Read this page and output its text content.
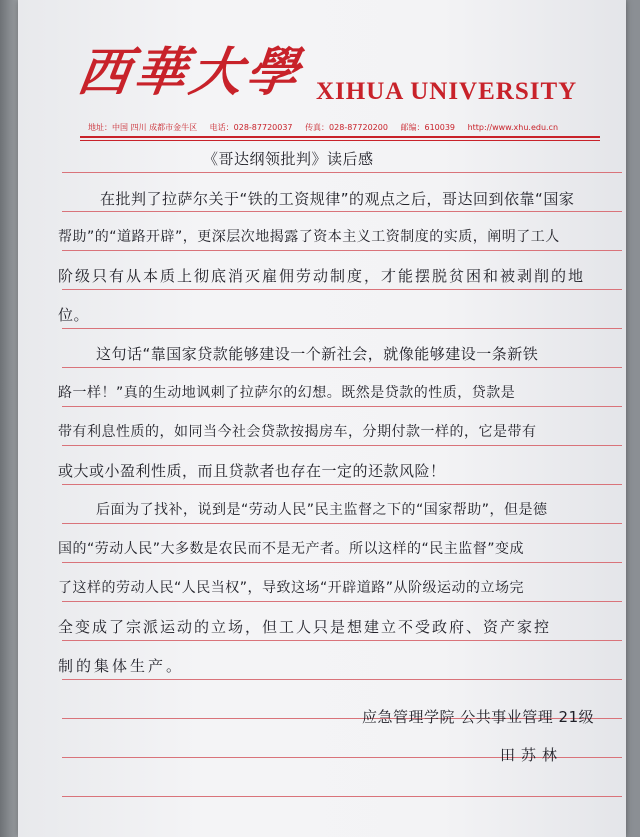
西華大學 XIHUA UNIVERSITY
地址：中国 四川 成都市金牛区 电话：028-87720037 传真：028-87720200 邮编：610039 http://www.xhu.edu.cn
《哥达纲领批判》读后感
在批判了拉萨尔关于“铁的工资规律”的观点之后，哥达回到依靠“国家
帮助”的“道路开辟”，更深层次地揭露了资本主义工资制度的实质，阐明了工人
阶级只有从本质上彻底消灭雇佣劳动制度，才能摆脱贫困和被剥削的地
位。
这句话“靠国家贷款能够建设一个新社会，就像能够建设一条新铁
路一样！”真的生动地讽刺了拉萨尔的幻想。既然是贷款的性质，贷款是
带有利息性质的，如同当今社会贷款按揭房车，分期付款一样的，它是带有
或大或小盈利性质，而且贷款者也存在一定的还款风险！
后面为了找补，说到是“劳动人民”民主监督之下的“国家帮助”，但是德
国的“劳动人民”大多数是农民而不是无产者。所以这样的“民主监督”变成
了这样的劳动人民“人民当权”，导致这场“开辟道路”从阶级运动的立场完
全变成了宗派运动的立场，但工人只是想建立不受政府、资产家控
制的集体生产。
应急管理学院 公共事业管理 21级
田苏林
